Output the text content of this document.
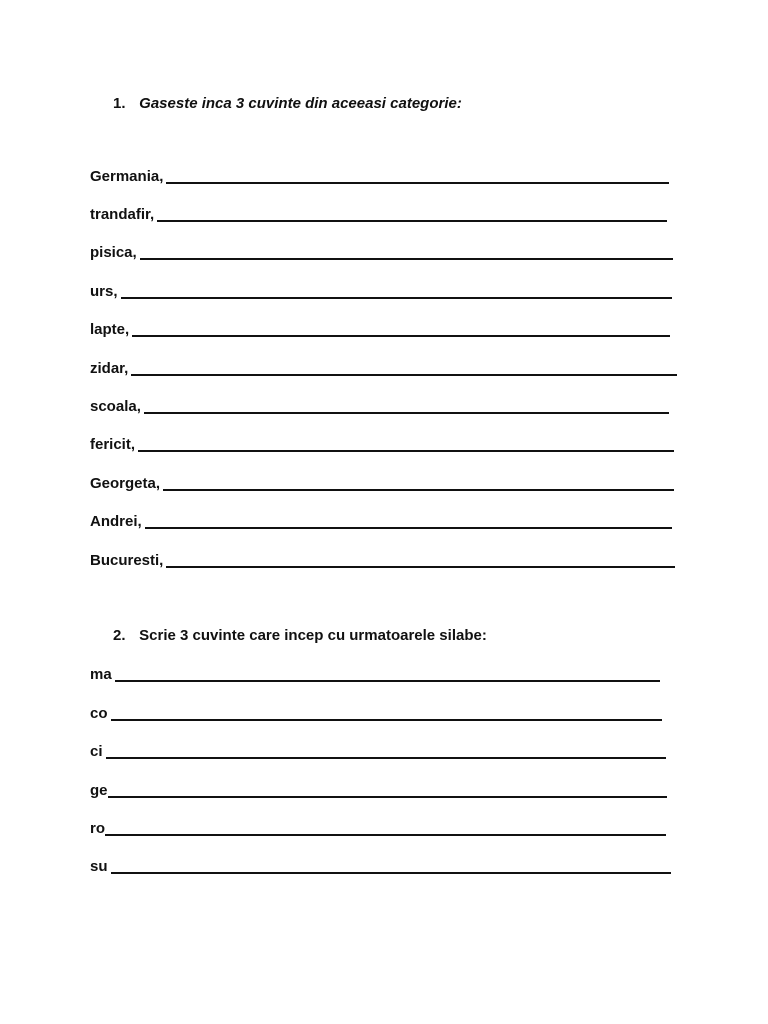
1. Gaseste inca 3 cuvinte din aceeasi categorie:
Germania,
trandafir,
pisica,
urs,
lapte,
zidar,
scoala,
fericit,
Georgeta,
Andrei,
Bucuresti,
2. Scrie 3 cuvinte care incep cu urmatoarele silabe:
ma
co
ci
ge
ro
su
